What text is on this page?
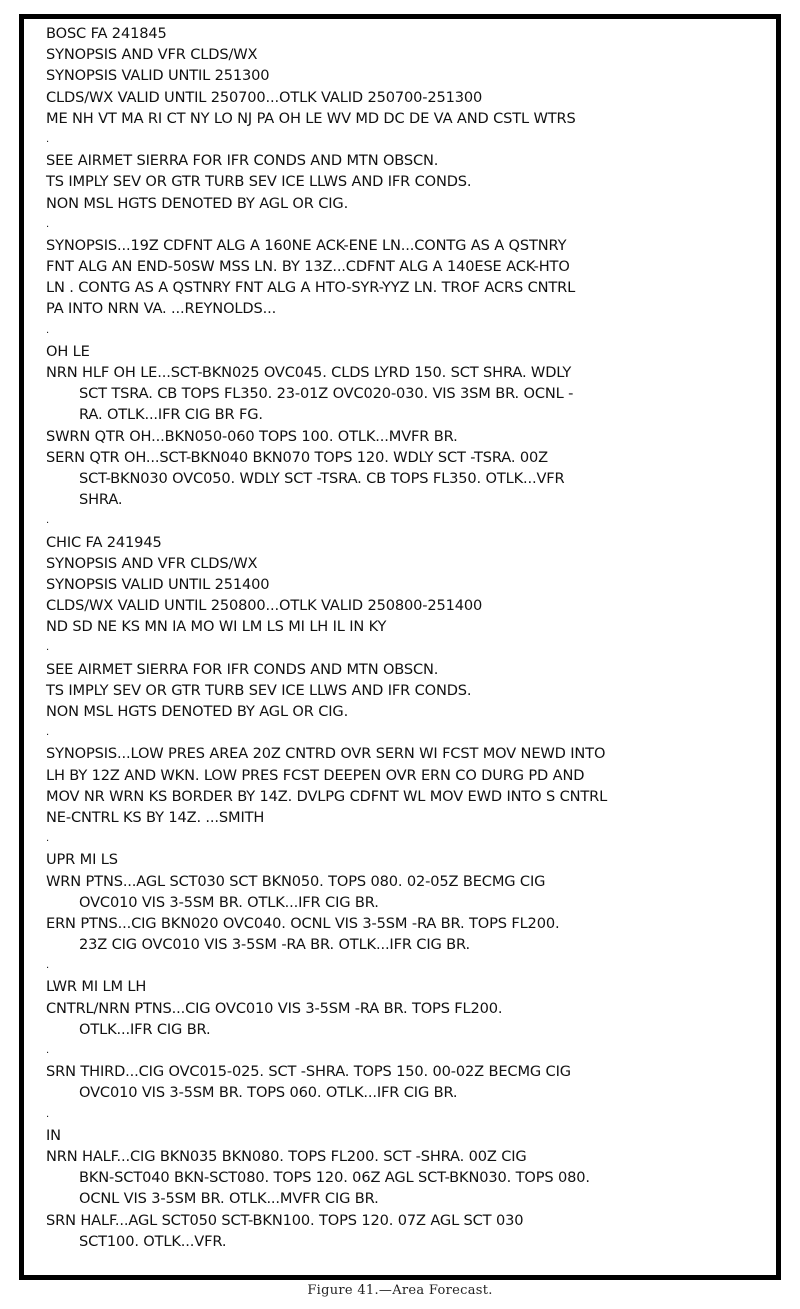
BOSC FA 241845
SYNOPSIS AND VFR CLDS/WX
SYNOPSIS VALID UNTIL 251300
CLDS/WX VALID UNTIL 250700...OTLK VALID 250700-251300
ME NH VT MA RI CT NY LO NJ PA OH LE WV MD DC DE VA AND CSTL WTRS
.
SEE AIRMET SIERRA FOR IFR CONDS AND MTN OBSCN.
TS IMPLY SEV OR GTR TURB SEV ICE LLWS AND IFR CONDS.
NON MSL HGTS DENOTED BY AGL OR CIG.
.
SYNOPSIS...19Z CDFNT ALG A 160NE ACK-ENE LN...CONTG AS A QSTNRY
FNT ALG AN END-50SW MSS LN. BY 13Z...CDFNT ALG A 140ESE ACK-HTO
LN . CONTG AS A QSTNRY FNT ALG A HTO-SYR-YYZ LN. TROF ACRS CNTRL
PA INTO NRN VA. ...REYNOLDS...
.
OH LE
NRN HLF OH LE...SCT-BKN025 OVC045. CLDS LYRD 150. SCT SHRA. WDLY
SCT TSRA. CB TOPS FL350. 23-01Z OVC020-030. VIS 3SM BR. OCNL -
RA. OTLK...IFR CIG BR FG.
SWRN QTR OH...BKN050-060 TOPS 100. OTLK...MVFR BR.
SERN QTR OH...SCT-BKN040 BKN070 TOPS 120. WDLY SCT -TSRA. 00Z
SCT-BKN030 OVC050. WDLY SCT -TSRA. CB TOPS FL350. OTLK...VFR
SHRA.
.
CHIC FA 241945
SYNOPSIS AND VFR CLDS/WX
SYNOPSIS VALID UNTIL 251400
CLDS/WX VALID UNTIL 250800...OTLK VALID 250800-251400
ND SD NE KS MN IA MO WI LM LS MI LH IL IN KY
.
SEE AIRMET SIERRA FOR IFR CONDS AND MTN OBSCN.
TS IMPLY SEV OR GTR TURB SEV ICE LLWS AND IFR CONDS.
NON MSL HGTS DENOTED BY AGL OR CIG.
.
SYNOPSIS...LOW PRES AREA 20Z CNTRD OVR SERN WI FCST MOV NEWD INTO
LH BY 12Z AND WKN. LOW PRES FCST DEEPEN OVR ERN CO DURG PD AND
MOV NR WRN KS BORDER BY 14Z. DVLPG CDFNT WL MOV EWD INTO S CNTRL
NE-CNTRL KS BY 14Z. ...SMITH
.
UPR MI LS
WRN PTNS...AGL SCT030 SCT BKN050. TOPS 080. 02-05Z BECMG CIG
OVC010 VIS 3-5SM BR. OTLK...IFR CIG BR.
ERN PTNS...CIG BKN020 OVC040. OCNL VIS 3-5SM -RA BR. TOPS FL200.
23Z CIG OVC010 VIS 3-5SM -RA BR. OTLK...IFR CIG BR.
.
LWR MI LM LH
CNTRL/NRN PTNS...CIG OVC010 VIS 3-5SM -RA BR. TOPS FL200.
OTLK...IFR CIG BR.
.
SRN THIRD...CIG OVC015-025. SCT -SHRA. TOPS 150. 00-02Z BECMG CIG
OVC010 VIS 3-5SM BR. TOPS 060. OTLK...IFR CIG BR.
.
IN
NRN HALF...CIG BKN035 BKN080. TOPS FL200. SCT -SHRA. 00Z CIG
BKN-SCT040 BKN-SCT080. TOPS 120. 06Z AGL SCT-BKN030. TOPS 080.
OCNL VIS 3-5SM BR. OTLK...MVFR CIG BR.
SRN HALF...AGL SCT050 SCT-BKN100. TOPS 120. 07Z AGL SCT 030
SCT100. OTLK...VFR.
Figure 41.—Area Forecast.
